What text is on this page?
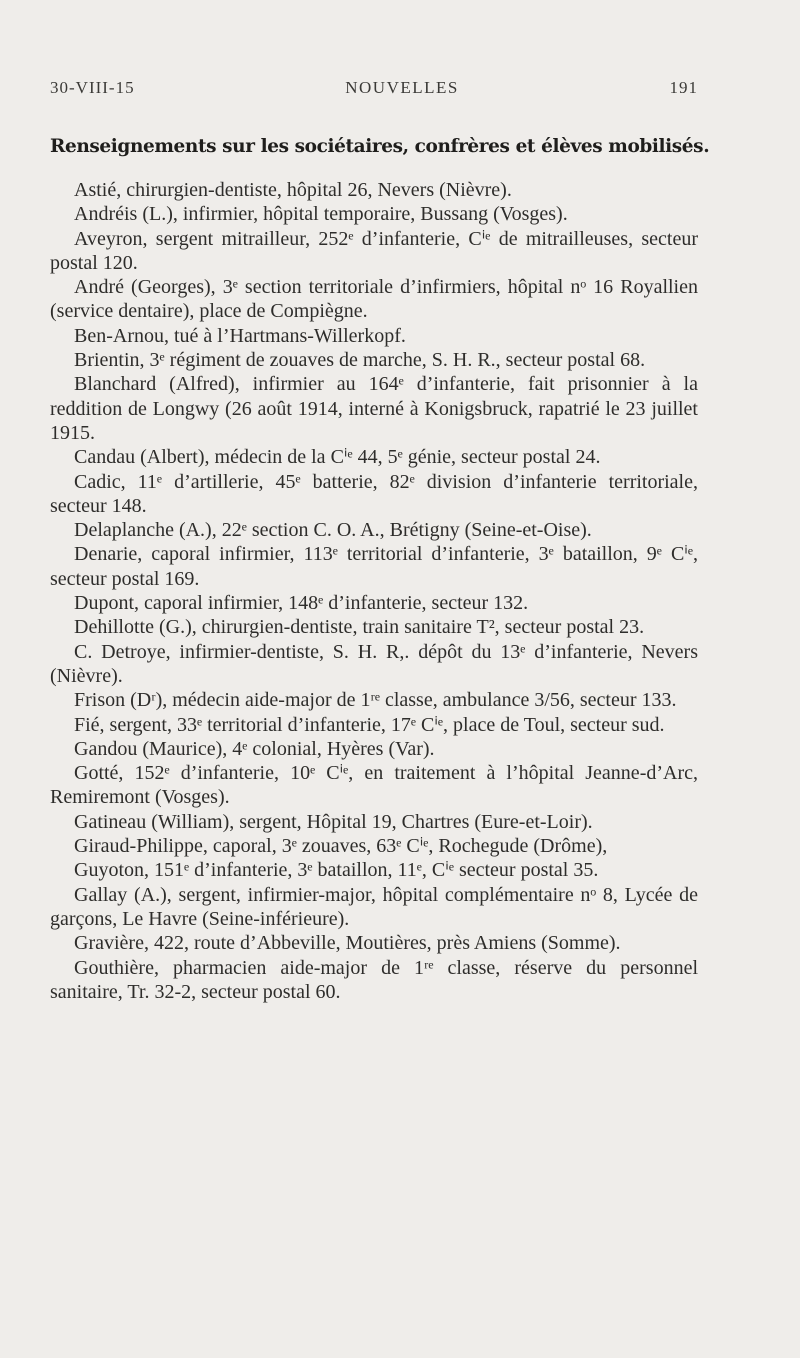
30-VIII-15	NOUVELLES	191
Renseignements sur les sociétaires, confrères et élèves mobilisés.

Astié, chirurgien-dentiste, hôpital 26, Nevers (Nièvre).

Andréis (L.), infirmier, hôpital temporaire, Bussang (Vosges).

Aveyron, sergent mitrailleur, 252ᵉ d’infanterie, Cⁱᵉ de mitrailleuses, secteur postal 120.

André (Georges), 3ᵉ section territoriale d’infirmiers, hôpital nᵒ 16 Royallien (service dentaire), place de Compiègne.

Ben-Arnou, tué à l’Hartmans-Willerkopf.

Brientin, 3ᵉ régiment de zouaves de marche, S. H. R., secteur postal 68.

Blanchard (Alfred), infirmier au 164ᵉ d’infanterie, fait prisonnier à la reddition de Longwy (26 août 1914, interné à Konigsbruck, rapatrié le 23 juillet 1915.

Candau (Albert), médecin de la Cⁱᵉ 44, 5ᵉ génie, secteur postal 24.

Cadic, 11ᵉ d’artillerie, 45ᵉ batterie, 82ᵉ division d’infanterie territoriale, secteur 148.

Delaplanche (A.), 22ᵉ section C. O. A., Brétigny (Seine-et-Oise).

Denarie, caporal infirmier, 113ᵉ territorial d’infanterie, 3ᵉ bataillon, 9ᵉ Cⁱᵉ, secteur postal 169.

Dupont, caporal infirmier, 148ᵉ d’infanterie, secteur 132.

Dehillotte (G.), chirurgien-dentiste, train sanitaire T², secteur postal 23.

C. Detroye, infirmier-dentiste, S. H. R,. dépôt du 13ᵉ d’infanterie, Nevers (Nièvre).

Frison (Dʳ), médecin aide-major de 1ʳᵉ classe, ambulance 3/56, secteur 133.

Fié, sergent, 33ᵉ territorial d’infanterie, 17ᵉ Cⁱᵉ, place de Toul, secteur sud.

Gandou (Maurice), 4ᵉ colonial, Hyères (Var).

Gotté, 152ᵉ d’infanterie, 10ᵉ Cⁱᵉ, en traitement à l’hôpital Jeanne-d’Arc, Remiremont (Vosges).

Gatineau (William), sergent, Hôpital 19, Chartres (Eure-et-Loir).

Giraud-Philippe, caporal, 3ᵉ zouaves, 63ᵉ Cⁱᵉ, Rochegude (Drôme),

Guyoton, 151ᵉ d’infanterie, 3ᵉ bataillon, 11ᵉ, Cⁱᵉ secteur postal 35.

Gallay (A.), sergent, infirmier-major, hôpital complémentaire nᵒ 8, Lycée de garçons, Le Havre (Seine-inférieure).

Gravière, 422, route d’Abbeville, Moutières, près Amiens (Somme).

Gouthière, pharmacien aide-major de 1ʳᵉ classe, réserve du personnel sanitaire, Tr. 32-2, secteur postal 60.
